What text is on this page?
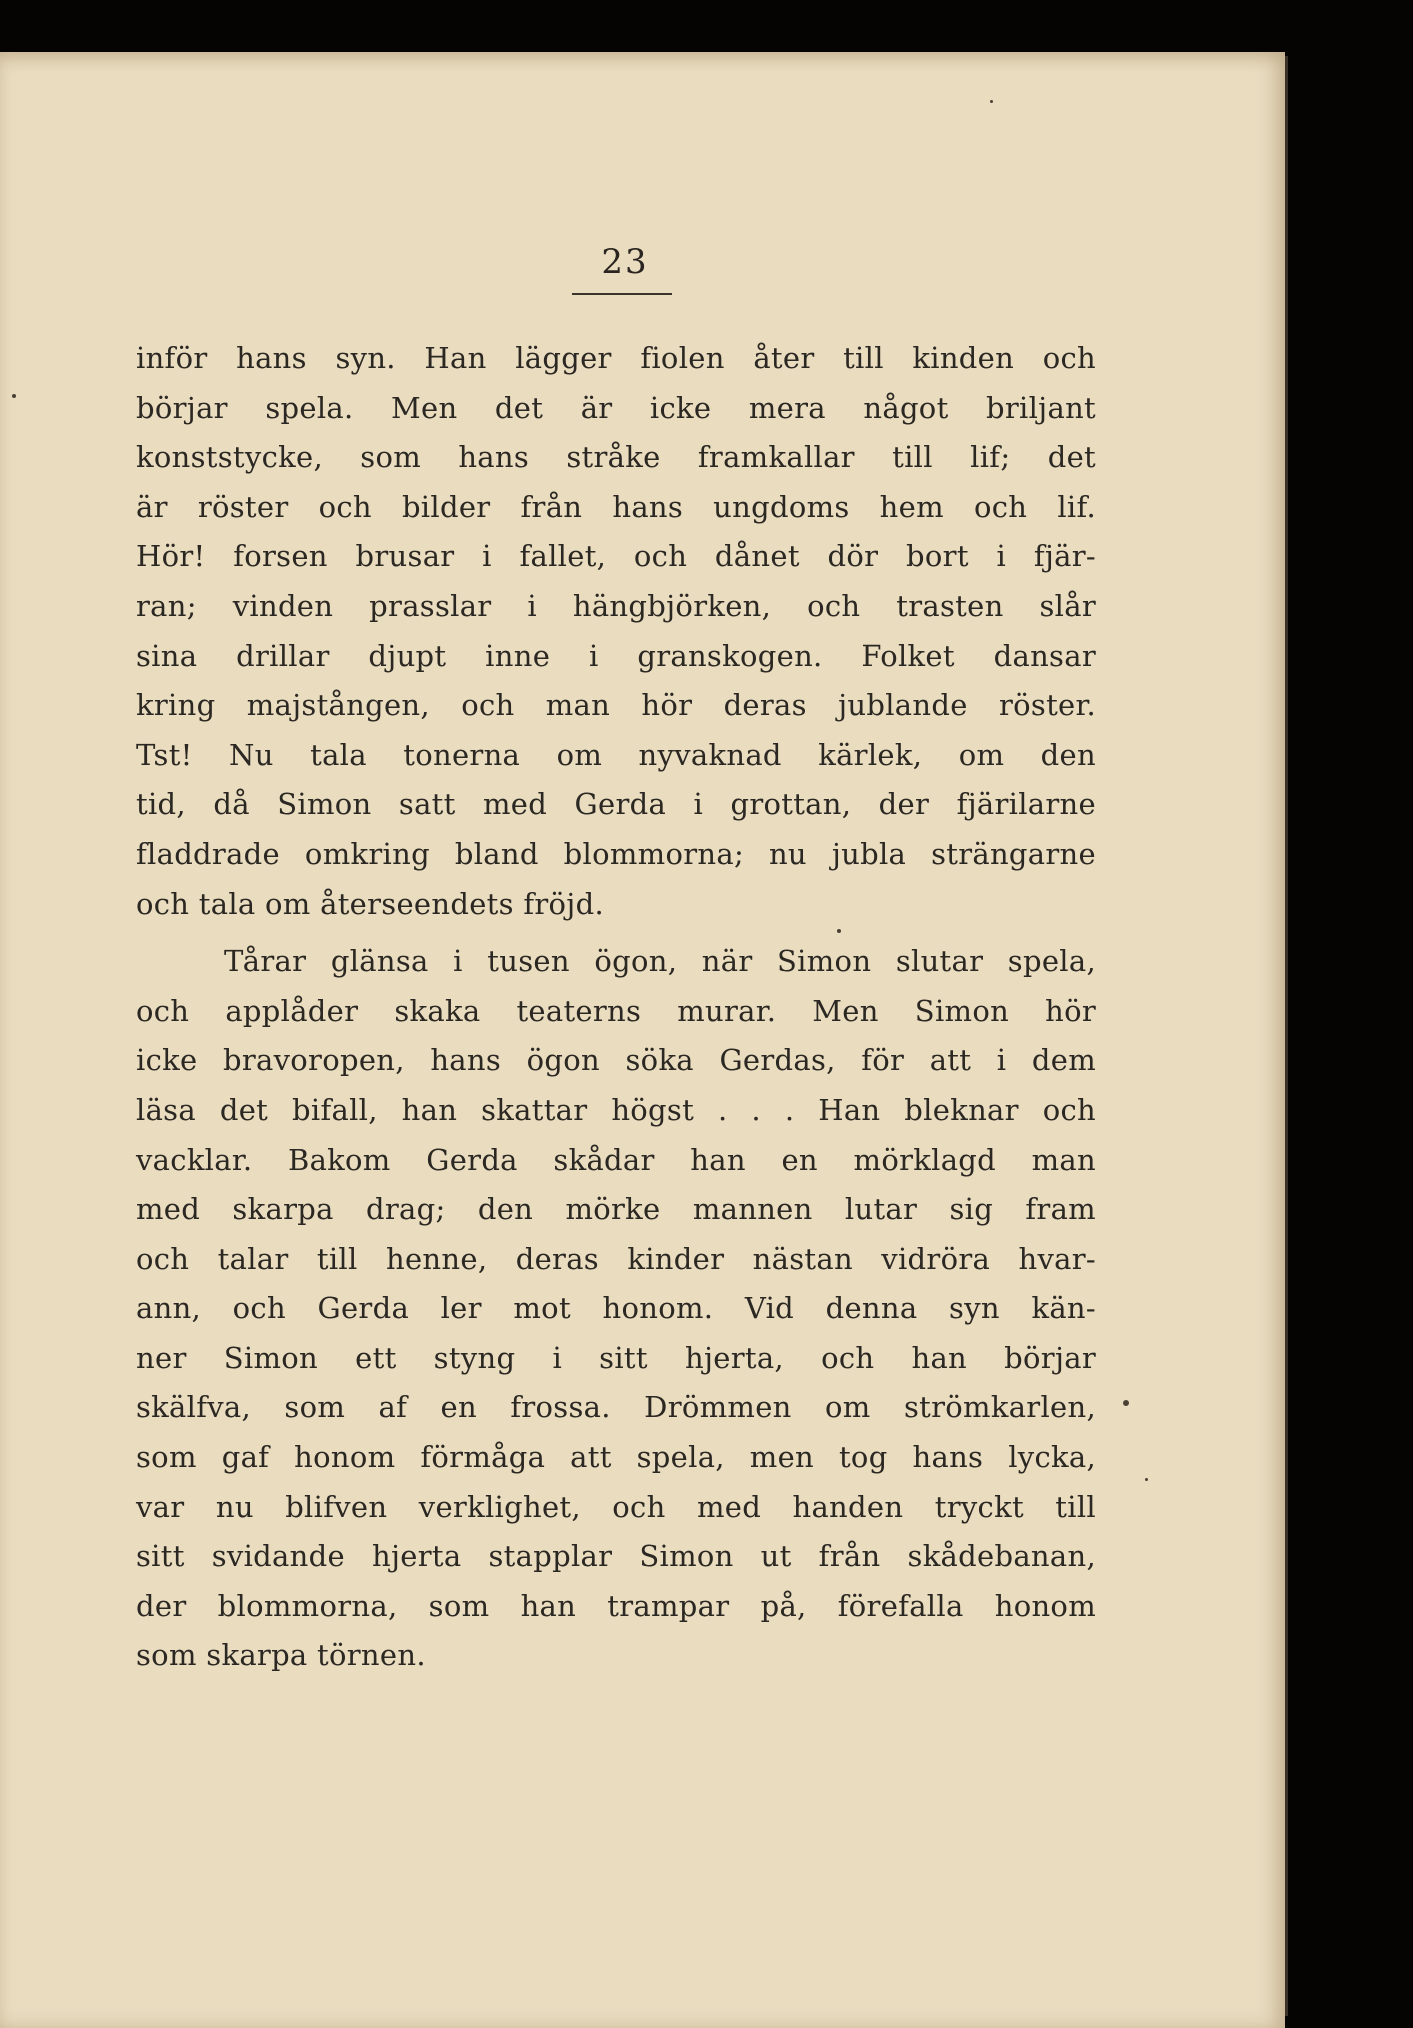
23
inför hans syn. Han lägger fiolen åter till kinden och
börjar spela. Men det är icke mera något briljant
konststycke, som hans stråke framkallar till lif; det
är röster och bilder från hans ungdoms hem och lif.
Hör! forsen brusar i fallet, och dånet dör bort i fjär-
ran; vinden prasslar i hängbjörken, och trasten slår
sina drillar djupt inne i granskogen. Folket dansar
kring majstången, och man hör deras jublande röster.
Tst! Nu tala tonerna om nyvaknad kärlek, om den
tid, då Simon satt med Gerda i grottan, der fjärilarne
fladdrade omkring bland blommorna; nu jubla strängarne
och tala om återseendets fröjd.
Tårar glänsa i tusen ögon, när Simon slutar spela,
och applåder skaka teaterns murar. Men Simon hör
icke bravoropen, hans ögon söka Gerdas, för att i dem
läsa det bifall, han skattar högst . . . Han bleknar och
vacklar. Bakom Gerda skådar han en mörklagd man
med skarpa drag; den mörke mannen lutar sig fram
och talar till henne, deras kinder nästan vidröra hvar-
ann, och Gerda ler mot honom. Vid denna syn kän-
ner Simon ett styng i sitt hjerta, och han börjar
skälfva, som af en frossa. Drömmen om strömkarlen,
som gaf honom förmåga att spela, men tog hans lycka,
var nu blifven verklighet, och med handen tryckt till
sitt svidande hjerta stapplar Simon ut från skådebanan,
der blommorna, som han trampar på, förefalla honom
som skarpa törnen.
